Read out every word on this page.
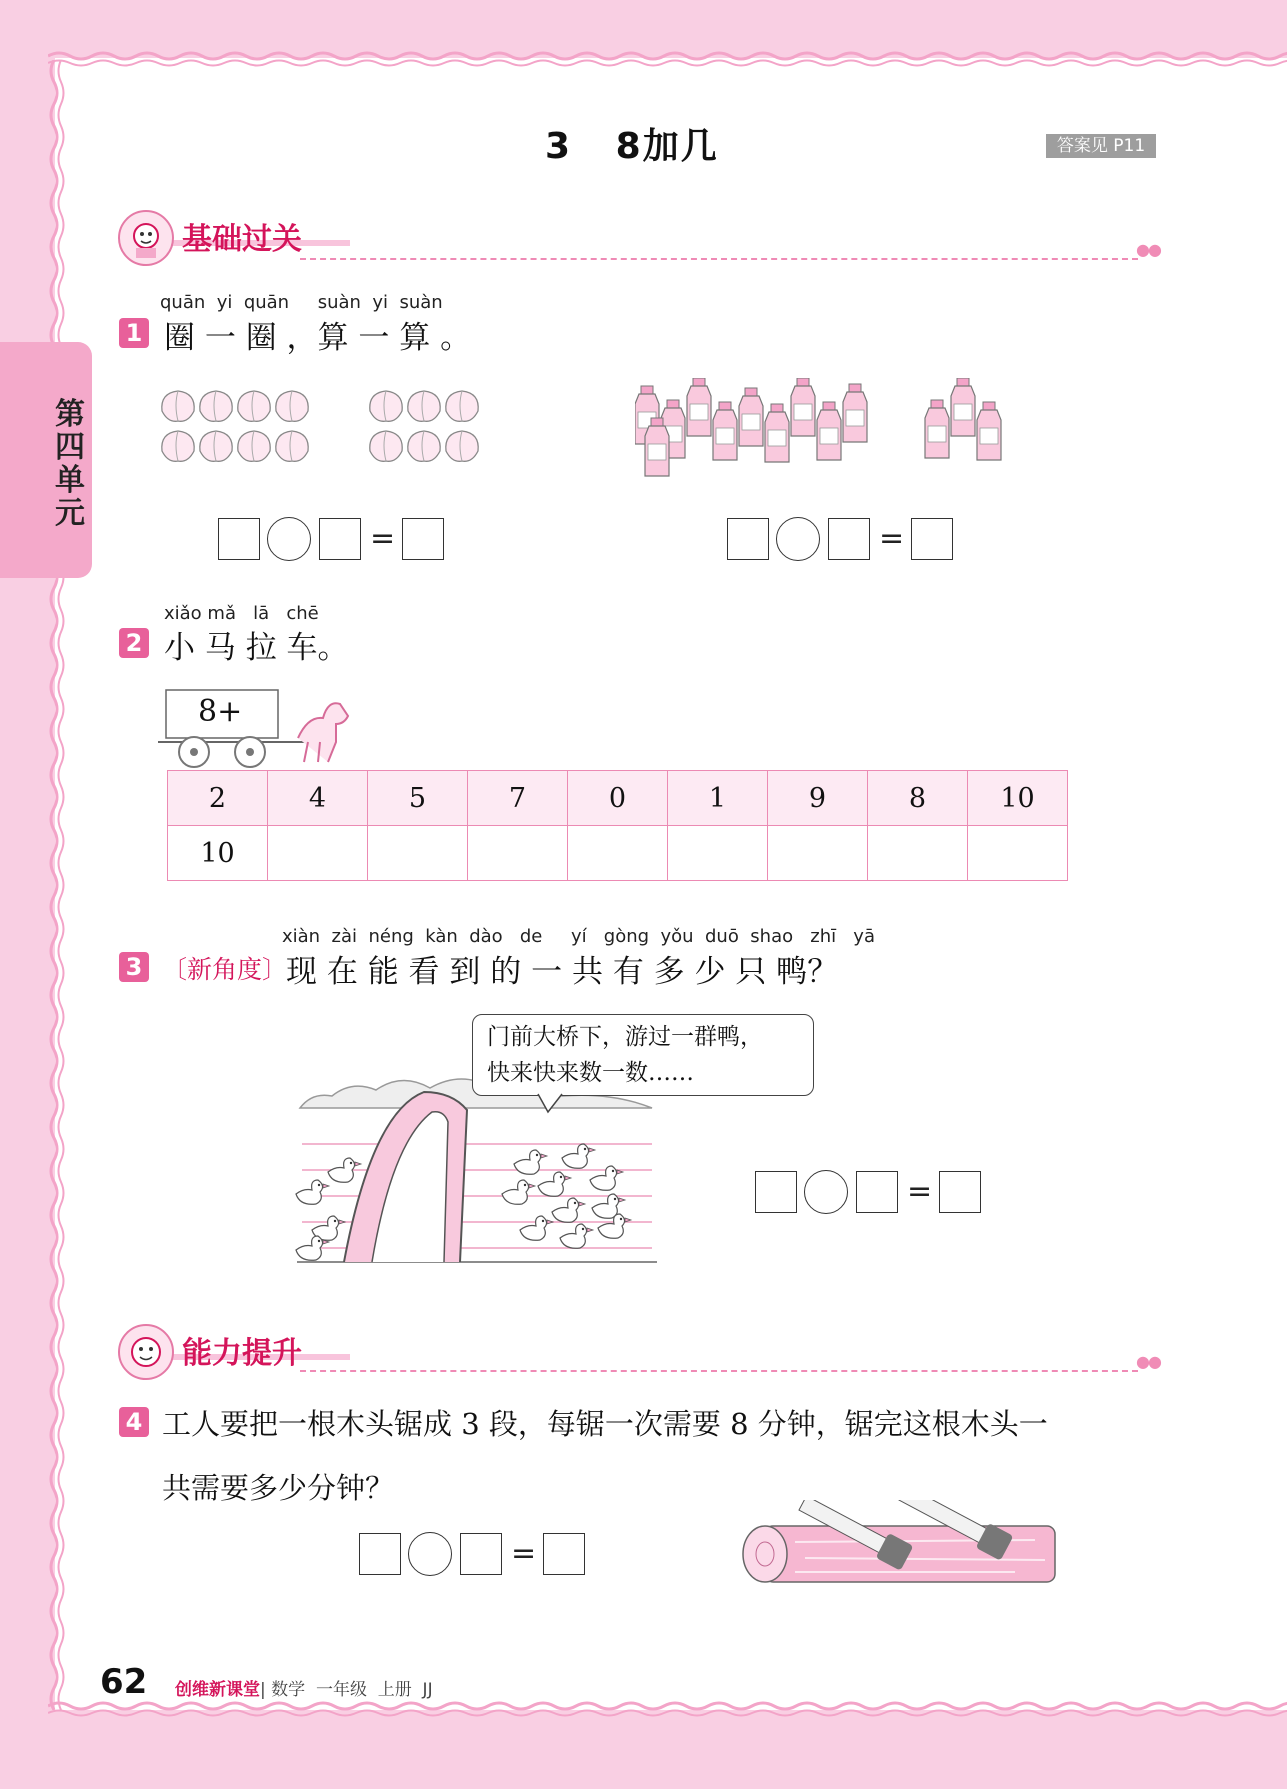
第四单元
3   8加几	答案见 P11
基础过关	●●
quān  yi  quān     suàn  yi  suàn
1 圈 一 圈 ，算 一 算 。
=	=
xiǎo mǎ   lā   chē
2 小 马 拉 车。
8+
2	4	5	7	0	1	9	8	10
10								
xiàn  zài  néng  kàn  dào   de     yí   gòng  yǒu  duō  shao   zhī   yā
3 〔新角度〕
现 在 能 看 到 的 一 共 有 多 少 只 鸭？
门前大桥下，游过一群鸭，
快来快来数一数……
=
能力提升	●●
4 工人要把一根木头锯成 3 段，每锯一次需要 8 分钟，锯完这根木头一
共需要多少分钟？
=
62 创维新课堂| 数学  一年级  上册  JJ
